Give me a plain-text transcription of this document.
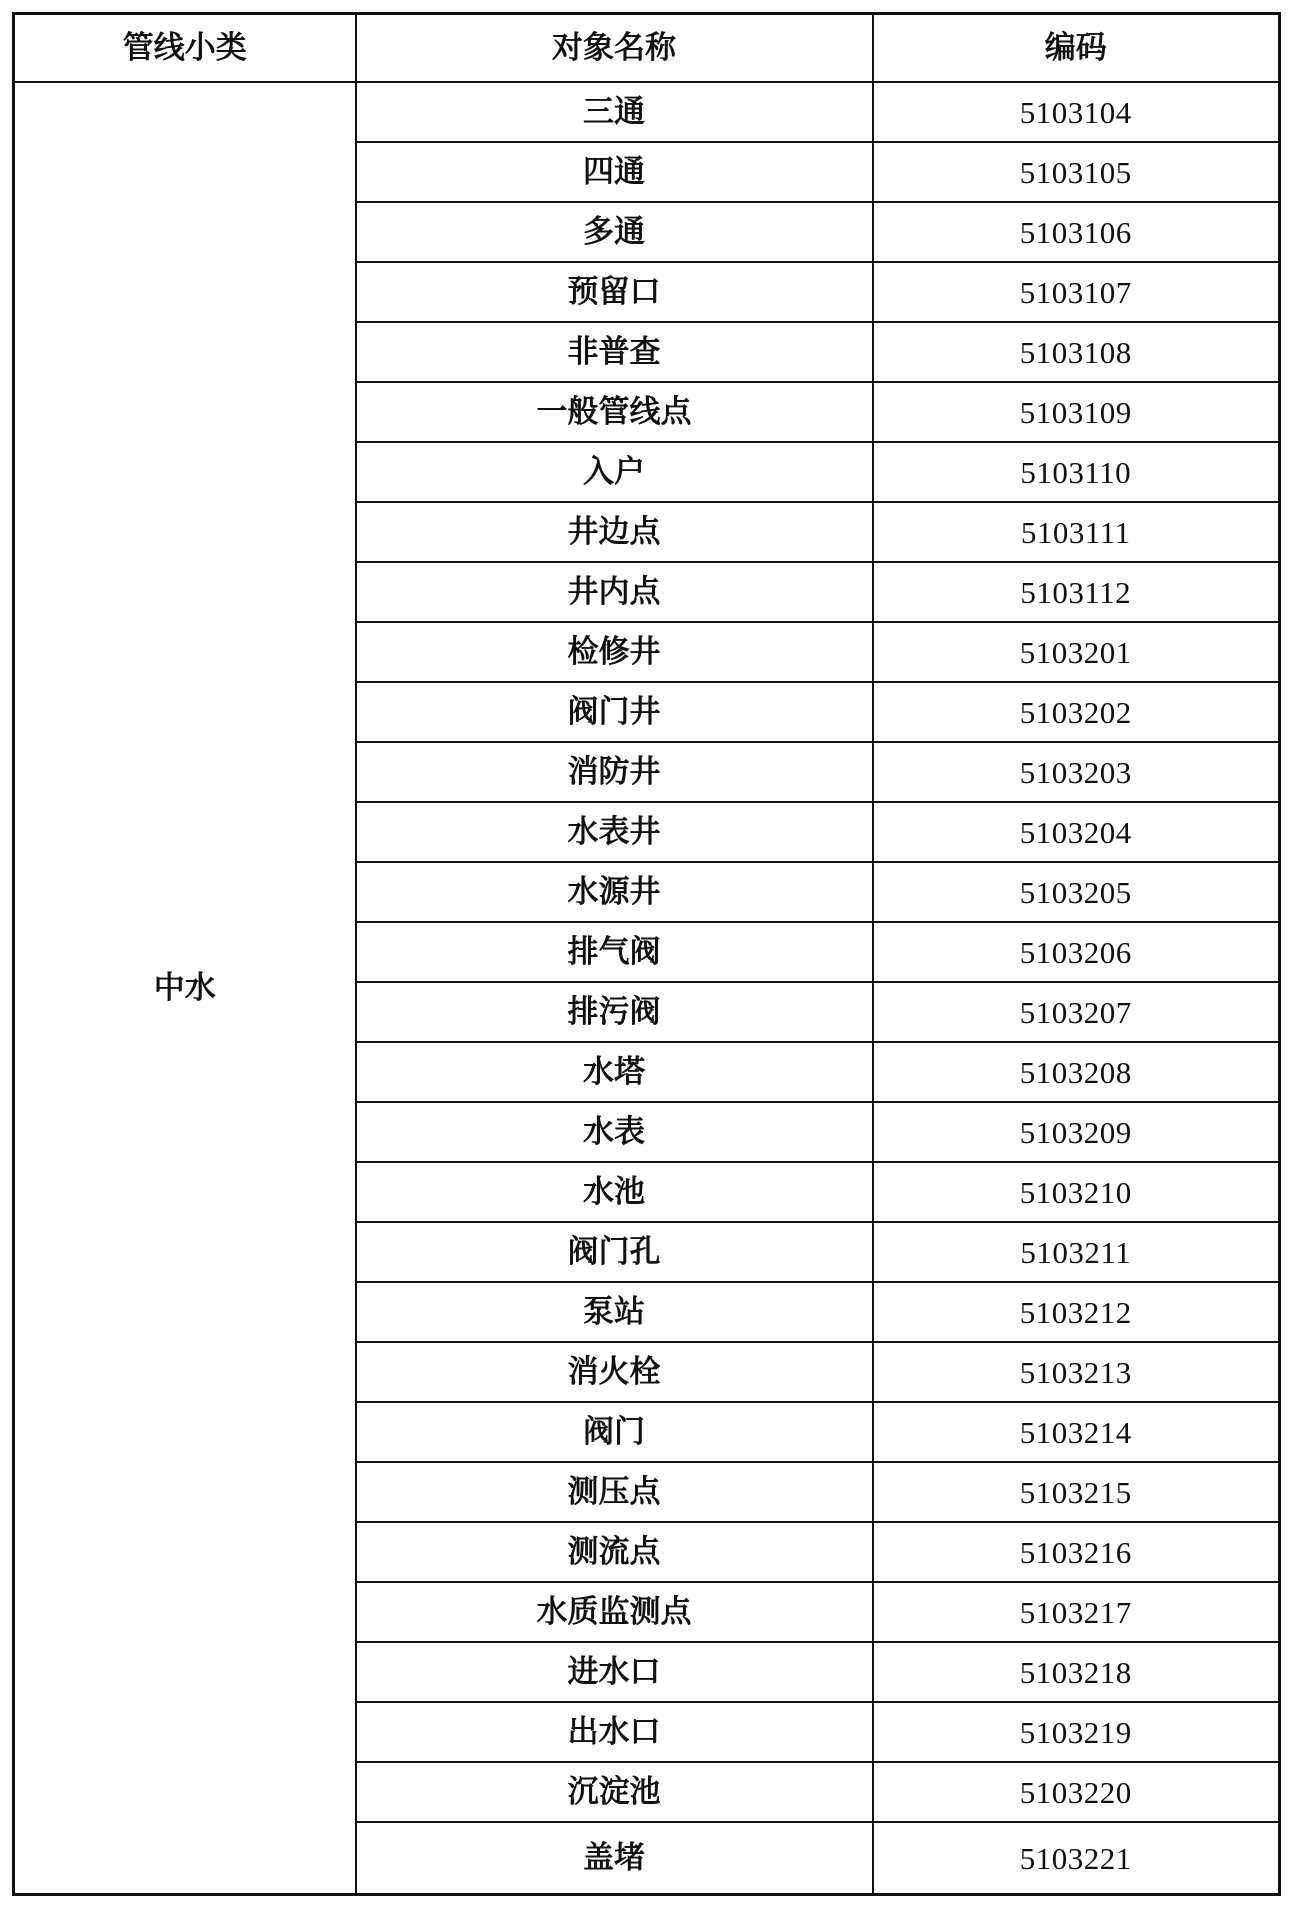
管线小类	对象名称	编码
中水	三通	5103104
	四通	5103105
	多通	5103106
	预留口	5103107
	非普查	5103108
	一般管线点	5103109
	入户	5103110
	井边点	5103111
	井内点	5103112
	检修井	5103201
	阀门井	5103202
	消防井	5103203
	水表井	5103204
	水源井	5103205
	排气阀	5103206
	排污阀	5103207
	水塔	5103208
	水表	5103209
	水池	5103210
	阀门孔	5103211
	泵站	5103212
	消火栓	5103213
	阀门	5103214
	测压点	5103215
	测流点	5103216
	水质监测点	5103217
	进水口	5103218
	出水口	5103219
	沉淀池	5103220
	盖堵	5103221
